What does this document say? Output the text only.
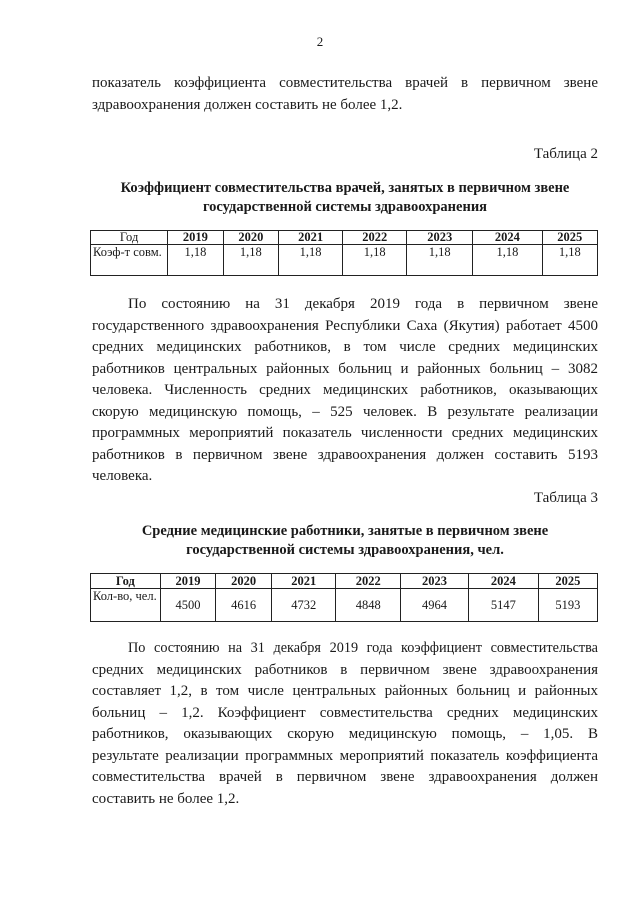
2
показатель коэффициента совместительства врачей в первичном звене
здравоохранения должен составить не более 1,2.
Таблица 2
Коэффициент совместительства врачей, занятых в первичном звене
государственной системы здравоохранения
Год	2019	2020	2021	2022	2023	2024	2025
Коэф-т совм.	1,18	1,18	1,18	1,18	1,18	1,18	1,18
По состоянию на 31 декабря 2019 года в первичном звене
государственного здравоохранения Республики Саха (Якутия) работает 4500
средних медицинских работников, в том числе средних медицинских
работников центральных районных больниц и районных больниц – 3082
человека. Численность средних медицинских работников, оказывающих
скорую медицинскую помощь, – 525 человек. В результате реализации
программных мероприятий показатель численности средних медицинских
работников в первичном звене здравоохранения должен составить 5193
человека.
Таблица 3
Средние медицинские работники, занятые в первичном звене
государственной системы здравоохранения, чел.
Год	2019	2020	2021	2022	2023	2024	2025
Кол-во, чел.	4500	4616	4732	4848	4964	5147	5193
По состоянию на 31 декабря 2019 года коэффициент совместительства
средних медицинских работников в первичном звене здравоохранения
составляет 1,2, в том числе центральных районных больниц и районных
больниц – 1,2. Коэффициент совместительства средних медицинских
работников, оказывающих скорую медицинскую помощь, – 1,05. В
результате реализации программных мероприятий показатель коэффициента
совместительства врачей в первичном звене здравоохранения должен
составить не более 1,2.
